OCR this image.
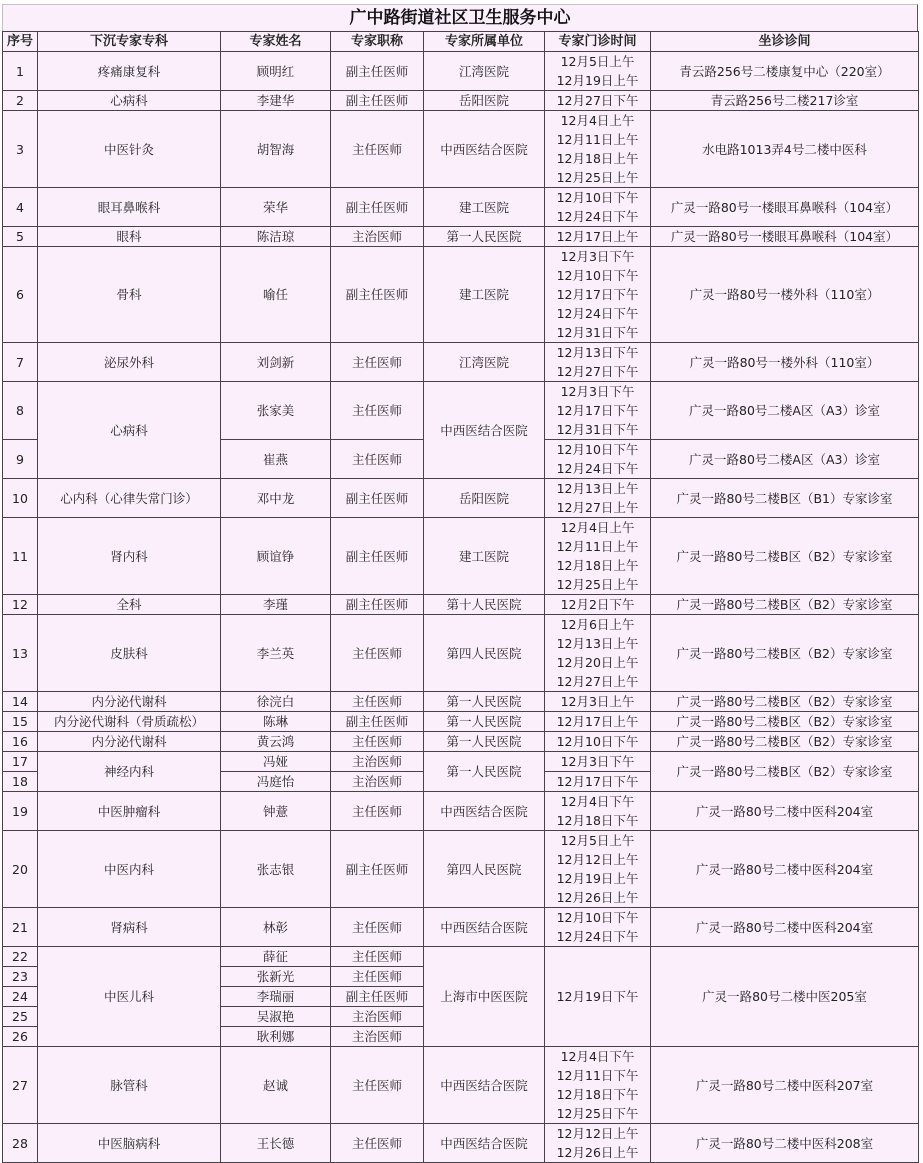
广中路街道社区卫生服务中心
序号	下沉专家专科	专家姓名	专家职称	专家所属单位	专家门诊时间	坐诊诊间
1	疼痛康复科	顾明红	副主任医师	江湾医院	12月5日上午
12月19日上午	青云路256号二楼康复中心（220室）
2	心病科	李建华	副主任医师	岳阳医院	12月27日下午	青云路256号二楼217诊室
3	中医针灸	胡智海	主任医师	中西医结合医院	12月4日上午
12月11日上午
12月18日上午
12月25日上午	水电路1013弄4号二楼中医科
4	眼耳鼻喉科	荣华	副主任医师	建工医院	12月10日下午
12月24日下午	广灵一路80号一楼眼耳鼻喉科（104室）
5	眼科	陈洁琼	主治医师	第一人民医院	12月17日上午	广灵一路80号一楼眼耳鼻喉科（104室）
6	骨科	喻任	副主任医师	建工医院	12月3日下午
12月10日下午
12月17日下午
12月24日下午
12月31日下午	广灵一路80号一楼外科（110室）
7	泌尿外科	刘剑新	主任医师	江湾医院	12月13日下午
12月27日下午	广灵一路80号一楼外科（110室）
8	心病科	张家美	主任医师	中西医结合医院	12月3日下午
12月17日下午
12月31日下午	广灵一路80号二楼A区（A3）诊室
9		崔燕	主任医师		12月10日下午
12月24日下午	广灵一路80号二楼A区（A3）诊室
10	心内科（心律失常门诊）	邓中龙	副主任医师	岳阳医院	12月13日上午
12月27日上午	广灵一路80号二楼B区（B1）专家诊室
11	肾内科	顾谊铮	副主任医师	建工医院	12月4日上午
12月11日上午
12月18日上午
12月25日上午	广灵一路80号二楼B区（B2）专家诊室
12	全科	李瑾	副主任医师	第十人民医院	12月2日下午	广灵一路80号二楼B区（B2）专家诊室
13	皮肤科	李兰英	主任医师	第四人民医院	12月6日上午
12月13日上午
12月20日上午
12月27日上午	广灵一路80号二楼B区（B2）专家诊室
14	内分泌代谢科	徐浣白	主任医师	第一人民医院	12月3日上午	广灵一路80号二楼B区（B2）专家诊室
15	内分泌代谢科（骨质疏松）	陈琳	副主任医师	第一人民医院	12月17日上午	广灵一路80号二楼B区（B2）专家诊室
16	内分泌代谢科	黄云鸿	主任医师	第一人民医院	12月10日下午	广灵一路80号二楼B区（B2）专家诊室
17	神经内科	冯娅	主治医师	第一人民医院	12月3日下午	广灵一路80号二楼B区（B2）专家诊室
18		冯庭怡	主治医师		12月17日下午	

19	中医肿瘤科	钟薏	主任医师	中西医结合医院	12月4日下午
12月18日下午	广灵一路80号二楼中医科204室
20	中医内科	张志银	副主任医师	第四人民医院	12月5日上午
12月12日上午
12月19日上午
12月26日上午	广灵一路80号二楼中医科204室
21	肾病科	林彰	主任医师	中西医结合医院	12月10日下午
12月24日下午	广灵一路80号二楼中医科204室
22	中医儿科	薛征	主任医师	上海市中医医院	12月19日下午	广灵一路80号二楼中医205室
23		张新光	主任医师			
24		李瑞丽	副主任医师			
25		吴淑艳	主治医师			
26		耿利娜	主治医师			
27	脉管科	赵诚	主任医师	中西医结合医院	12月4日下午
12月11日下午
12月18日下午
12月25日下午	广灵一路80号二楼中医科207室
28	中医脑病科	王长德	主任医师	中西医结合医院	12月12日上午
12月26日上午	广灵一路80号二楼中医科208室
